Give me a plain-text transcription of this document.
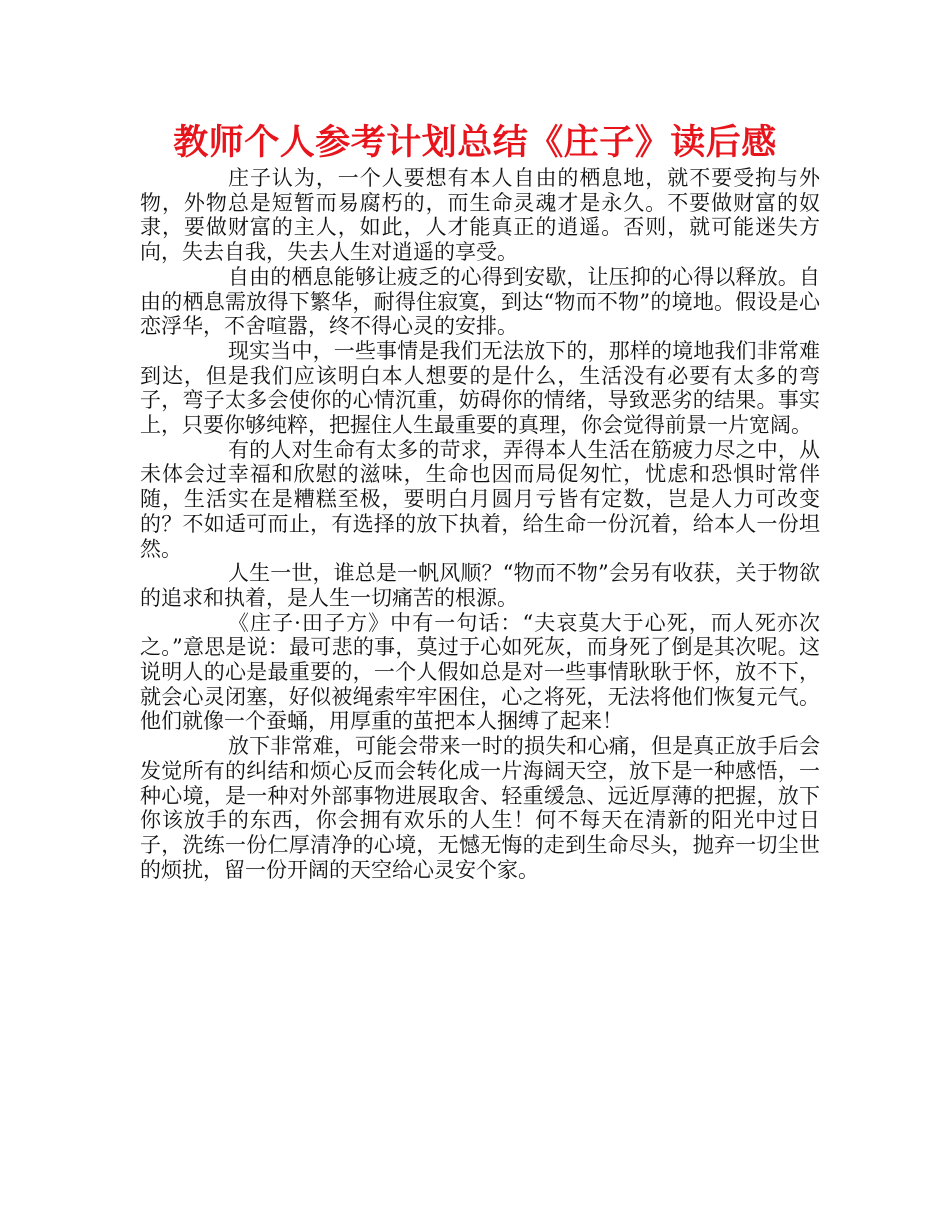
教师个人参考计划总结《庄子》读后感

庄子认为，一个人要想有本人自由的栖息地，就不要受拘与外物，外物总是短暂而易腐朽的，而生命灵魂才是永久。不要做财富的奴隶，要做财富的主人，如此，人才能真正的逍遥。否则，就可能迷失方向，失去自我，失去人生对逍遥的享受。

自由的栖息能够让疲乏的心得到安歇，让压抑的心得以释放。自由的栖息需放得下繁华，耐得住寂寞，到达“物而不物”的境地。假设是心恋浮华，不舍喧嚣，终不得心灵的安排。

现实当中，一些事情是我们无法放下的，那样的境地我们非常难到达，但是我们应该明白本人想要的是什么，生活没有必要有太多的弯子，弯子太多会使你的心情沉重，妨碍你的情绪，导致恶劣的结果。事实上，只要你够纯粹，把握住人生最重要的真理，你会觉得前景一片宽阔。

有的人对生命有太多的苛求，弄得本人生活在筋疲力尽之中，从未体会过幸福和欣慰的滋味，生命也因而局促匆忙，忧虑和恐惧时常伴随，生活实在是糟糕至极，要明白月圆月亏皆有定数，岂是人力可改变的？不如适可而止，有选择的放下执着，给生命一份沉着，给本人一份坦然。

人生一世，谁总是一帆风顺？“物而不物”会另有收获，关于物欲的追求和执着，是人生一切痛苦的根源。

《庄子·田子方》中有一句话：“夫哀莫大于心死，而人死亦次之。”意思是说：最可悲的事，莫过于心如死灰，而身死了倒是其次呢。这说明人的心是最重要的，一个人假如总是对一些事情耿耿于怀，放不下，就会心灵闭塞，好似被绳索牢牢困住，心之将死，无法将他们恢复元气。他们就像一个蚕蛹，用厚重的茧把本人捆缚了起来！

放下非常难，可能会带来一时的损失和心痛，但是真正放手后会发觉所有的纠结和烦心反而会转化成一片海阔天空，放下是一种感悟，一种心境，是一种对外部事物进展取舍、轻重缓急、远近厚薄的把握，放下你该放手的东西，你会拥有欢乐的人生！何不每天在清新的阳光中过日子，洗练一份仁厚清净的心境，无憾无悔的走到生命尽头，抛弃一切尘世的烦扰，留一份开阔的天空给心灵安个家。
